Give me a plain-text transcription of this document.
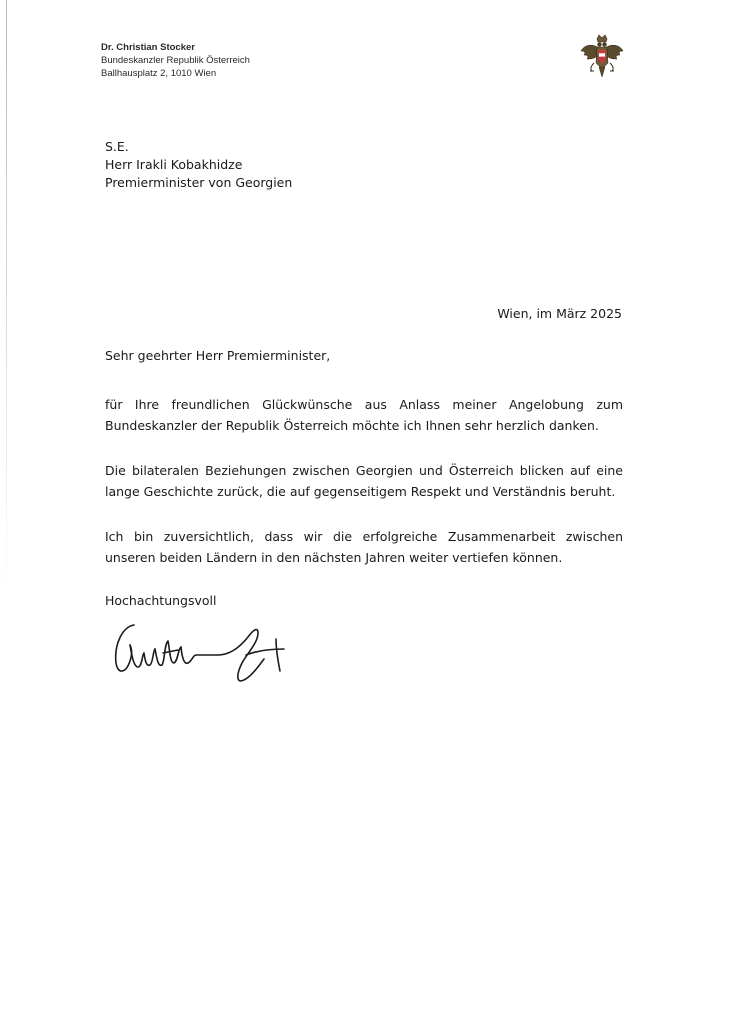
Dr. Christian Stocker
Bundeskanzler Republik Österreich
Ballhausplatz 2, 1010 Wien
S.E.
Herr Irakli Kobakhidze
Premierminister von Georgien
Wien, im März 2025
Sehr geehrter Herr Premierminister,
für Ihre freundlichen Glückwünsche aus Anlass meiner Angelobung zum Bundeskanzler der Republik Österreich möchte ich Ihnen sehr herzlich danken.
Die bilateralen Beziehungen zwischen Georgien und Österreich blicken auf eine lange Geschichte zurück, die auf gegenseitigem Respekt und Verständnis beruht.
Ich bin zuversichtlich, dass wir die erfolgreiche Zusammenarbeit zwischen unseren beiden Ländern in den nächsten Jahren weiter vertiefen können.
Hochachtungsvoll
